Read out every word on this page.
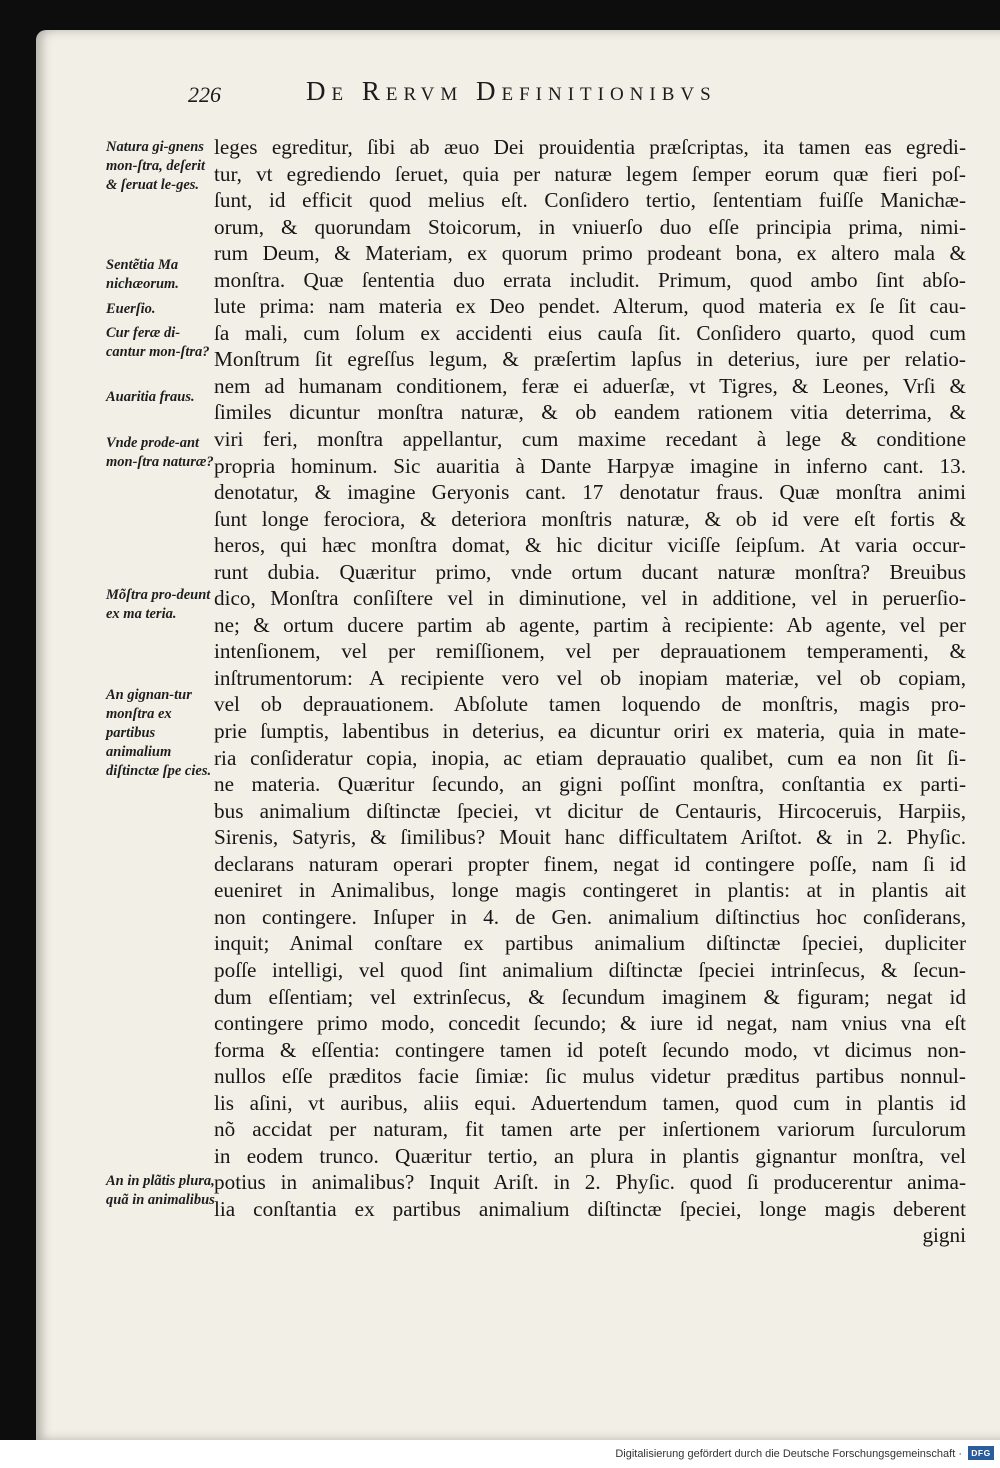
226	De Rervm Definitionibvs
Natura gi-gnens mon-ſtra, deſerit & ſeruat le-ges.
Sentẽtia Ma nichæorum.
Euerſio.
Cur feræ di-cantur mon-ſtra?
Auaritia fraus.
Vnde prode-ant mon-ſtra naturæ?
Mõſtra pro-deunt ex ma teria.
An gignan-tur monſtra ex partibus animalium diſtinctæ ſpe cies.
An in plãtis plura, quã in animalibus
leges egreditur, ſibi ab æuo Dei prouidentia præſcriptas, ita tamen eas egredi-
tur, vt egrediendo ſeruet, quia per naturæ legem ſemper eorum quæ fieri poſ-
ſunt, id efficit quod melius eſt. Conſidero tertio, ſententiam fuiſſe Manichæ-
orum, & quorundam Stoicorum, in vniuerſo duo eſſe principia prima, nimi-
rum Deum, & Materiam, ex quorum primo prodeant bona, ex altero mala &
monſtra. Quæ ſententia duo errata includit. Primum, quod ambo ſint abſo-
lute prima: nam materia ex Deo pendet. Alterum, quod materia ex ſe ſit cau-
ſa mali, cum ſolum ex accidenti eius cauſa ſit. Conſidero quarto, quod cum
Monſtrum ſit egreſſus legum, & præſertim lapſus in deterius, iure per relatio-
nem ad humanam conditionem, feræ ei aduerſæ, vt Tigres, & Leones, Vrſi &
ſimiles dicuntur monſtra naturæ, & ob eandem rationem vitia deterrima, &
viri feri, monſtra appellantur, cum maxime recedant à lege & conditione
propria hominum. Sic auaritia à Dante Harpyæ imagine in inferno cant. 13.
denotatur, & imagine Geryonis cant. 17 denotatur fraus. Quæ monſtra animi
ſunt longe ferociora, & deteriora monſtris naturæ, & ob id vere eſt fortis &
heros, qui hæc monſtra domat, & hic dicitur viciſſe ſeipſum. At varia occur-
runt dubia. Quæritur primo, vnde ortum ducant naturæ monſtra? Breuibus
dico, Monſtra conſiſtere vel in diminutione, vel in additione, vel in peruerſio-
ne; & ortum ducere partim ab agente, partim à recipiente: Ab agente, vel per
intenſionem, vel per remiſſionem, vel per deprauationem temperamenti, &
inſtrumentorum: A recipiente vero vel ob inopiam materiæ, vel ob copiam,
vel ob deprauationem. Abſolute tamen loquendo de monſtris, magis pro-
prie ſumptis, labentibus in deterius, ea dicuntur oriri ex materia, quia in mate-
ria conſideratur copia, inopia, ac etiam deprauatio qualibet, cum ea non ſit ſi-
ne materia. Quæritur ſecundo, an gigni poſſint monſtra, conſtantia ex parti-
bus animalium diſtinctæ ſpeciei, vt dicitur de Centauris, Hircoceruis, Harpiis,
Sirenis, Satyris, & ſimilibus? Mouit hanc difficultatem Ariſtot. & in 2. Phyſic.
declarans naturam operari propter finem, negat id contingere poſſe, nam ſi id
eueniret in Animalibus, longe magis contingeret in plantis: at in plantis ait
non contingere. Inſuper in 4. de Gen. animalium diſtinctius hoc conſiderans,
inquit; Animal conſtare ex partibus animalium diſtinctæ ſpeciei, dupliciter
poſſe intelligi, vel quod ſint animalium diſtinctæ ſpeciei intrinſecus, & ſecun-
dum eſſentiam; vel extrinſecus, & ſecundum imaginem & figuram; negat id
contingere primo modo, concedit ſecundo; & iure id negat, nam vnius vna eſt
forma & eſſentia: contingere tamen id poteſt ſecundo modo, vt dicimus non-
nullos eſſe præditos facie ſimiæ: ſic mulus videtur præditus partibus nonnul-
lis aſini, vt auribus, aliis equi. Aduertendum tamen, quod cum in plantis id
nõ accidat per naturam, fit tamen arte per inſertionem variorum ſurculorum
in eodem trunco. Quæritur tertio, an plura in plantis gignantur monſtra, vel
potius in animalibus? Inquit Ariſt. in 2. Phyſic. quod ſi producerentur anima-
lia conſtantia ex partibus animalium diſtinctæ ſpeciei, longe magis deberent
gigni
Digitalisierung gefördert durch die Deutsche Forschungsgemeinschaft ·	DFG
